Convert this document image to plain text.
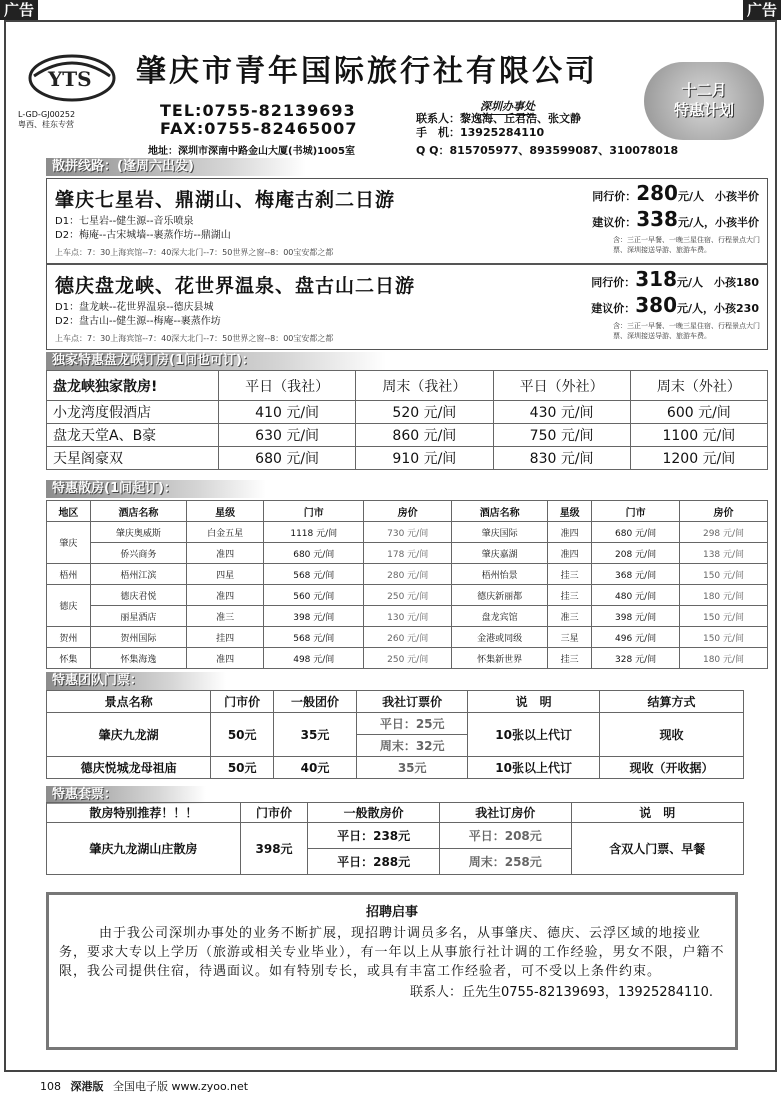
广告	广告
YTS
L-GD-GJ00252
粤西、桂东专营
肇庆市青年国际旅行社有限公司
深圳办事处
TEL:0755-82139693
FAX:0755-82465007
联系人：黎逸海、丘君浩、张文静
手　机：13925284110
地址：深圳市深南中路金山大厦(书城)1005室	Q Q：815705977、893599087、310078018
十二月
特惠计划
散拼线路：(逢周六出发)
肇庆七星岩、鼎湖山、梅庵古刹二日游
D1：七星岩--健生源--音乐喷泉
D2：梅庵--古宋城墙--裹蒸作坊--鼎湖山
上车点：7：30上海宾馆--7：40深大北门--7：50世界之窗--8：00宝安都之都
同行价：280元/人　小孩半价
建议价：338元/人，小孩半价
含：三正一早餐、一晚三星住宿、行程景点大门票、深圳接送导游、旅游车费。
德庆盘龙峡、花世界温泉、盘古山二日游
D1：盘龙峡--花世界温泉--德庆县城
D2：盘古山--健生源--梅庵--裹蒸作坊
上车点：7：30上海宾馆--7：40深大北门--7：50世界之窗--8：00宝安都之都
同行价：318元/人　小孩180
建议价：380元/人，小孩230
含：三正一早餐、一晚三星住宿、行程景点大门票、深圳接送导游、旅游车费。
独家特惠盘龙峡订房(1间也可订)：
盘龙峡独家散房!	平日（我社）	周末（我社）	平日（外社）	周末（外社）
小龙湾度假酒店	410 元/间	520 元/间	430 元/间	600 元/间
盘龙天堂A、B豪	630 元/间	860 元/间	750 元/间	1100 元/间
天星阁豪双	680 元/间	910 元/间	830 元/间	1200 元/间
特惠散房(1间起订)：
地区	酒店名称	星级	门市	房价	酒店名称	星级	门市	房价
肇庆	肇庆奥威斯	白金五星	1118 元/间	730 元/间	肇庆国际	准四	680 元/间	298 元/间
	侨兴商务	准四	680 元/间	178 元/间	肇庆嘉湖	准四	208 元/间	138 元/间
梧州	梧州江滨	四星	568 元/间	280 元/间	梧州怡景	挂三	368 元/间	150 元/间
德庆	德庆君悦	准四	560 元/间	250 元/间	德庆新丽都	挂三	480 元/间	180 元/间
	丽星酒店	准三	398 元/间	130 元/间	盘龙宾馆	准三	398 元/间	150 元/间
贺州	贺州国际	挂四	568 元/间	260 元/间	金港或同级	三星	496 元/间	150 元/间
怀集	怀集海逸	准四	498 元/间	250 元/间	怀集新世界	挂三	328 元/间	180 元/间
特惠团队门票：
景点名称	门市价	一般团价	我社订票价	说　明	结算方式
肇庆九龙湖	50元	35元	平日：25元	10张以上代订	现收
			周末：32元		
德庆悦城龙母祖庙	50元	40元	35元	10张以上代订	现收（开收据）
特惠套票：
散房特别推荐！！！	门市价	一般散房价	我社订房价	说　明
肇庆九龙湖山庄散房	398元	平日：238元	平日：208元	含双人门票、早餐
		平日：288元	周末：258元	
招聘启事
由于我公司深圳办事处的业务不断扩展，现招聘计调员多名，从事肇庆、德庆、云浮区域的地接业务，要求大专以上学历（旅游或相关专业毕业），有一年以上从事旅行社计调的工作经验，男女不限，户籍不限，我公司提供住宿，待遇面议。如有特别专长，或具有丰富工作经验者，可不受以上条件约束。
联系人：丘先生0755-82139693，13925284110.
108 深港版 全国电子版 www.zyoo.net
